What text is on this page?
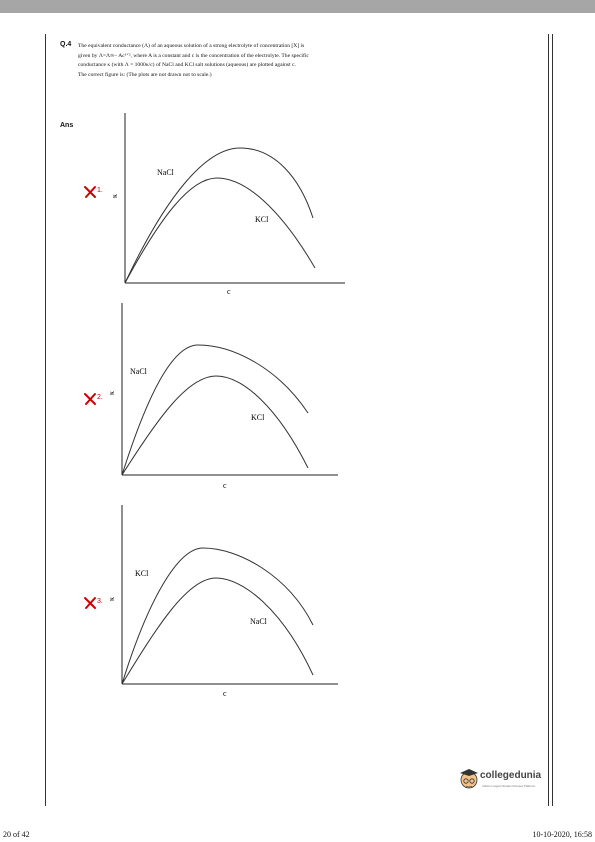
Q.4 The equivalent conductance (Λ) of an aqueous solution of a strong electrolyte of concentration [X] is
given by Λ=Λ∞– Ac¹ᐟ², where A is a constant and c is the concentration of the electrolyte. The specific
conductance κ (with Λ = 1000κ/c) of NaCl and KCl salt solutions (aqueous) are plotted against c.
The correct figure is: (The plots are not drawn not to scale.)
Ans
1.
NaCl
KCl
κ
c
2.
NaCl
KCl
κ
c
3.
KCl
NaCl
κ
c
collegedunia
India's Largest Student Review Platform
20 of 42	10-10-2020, 16:58
